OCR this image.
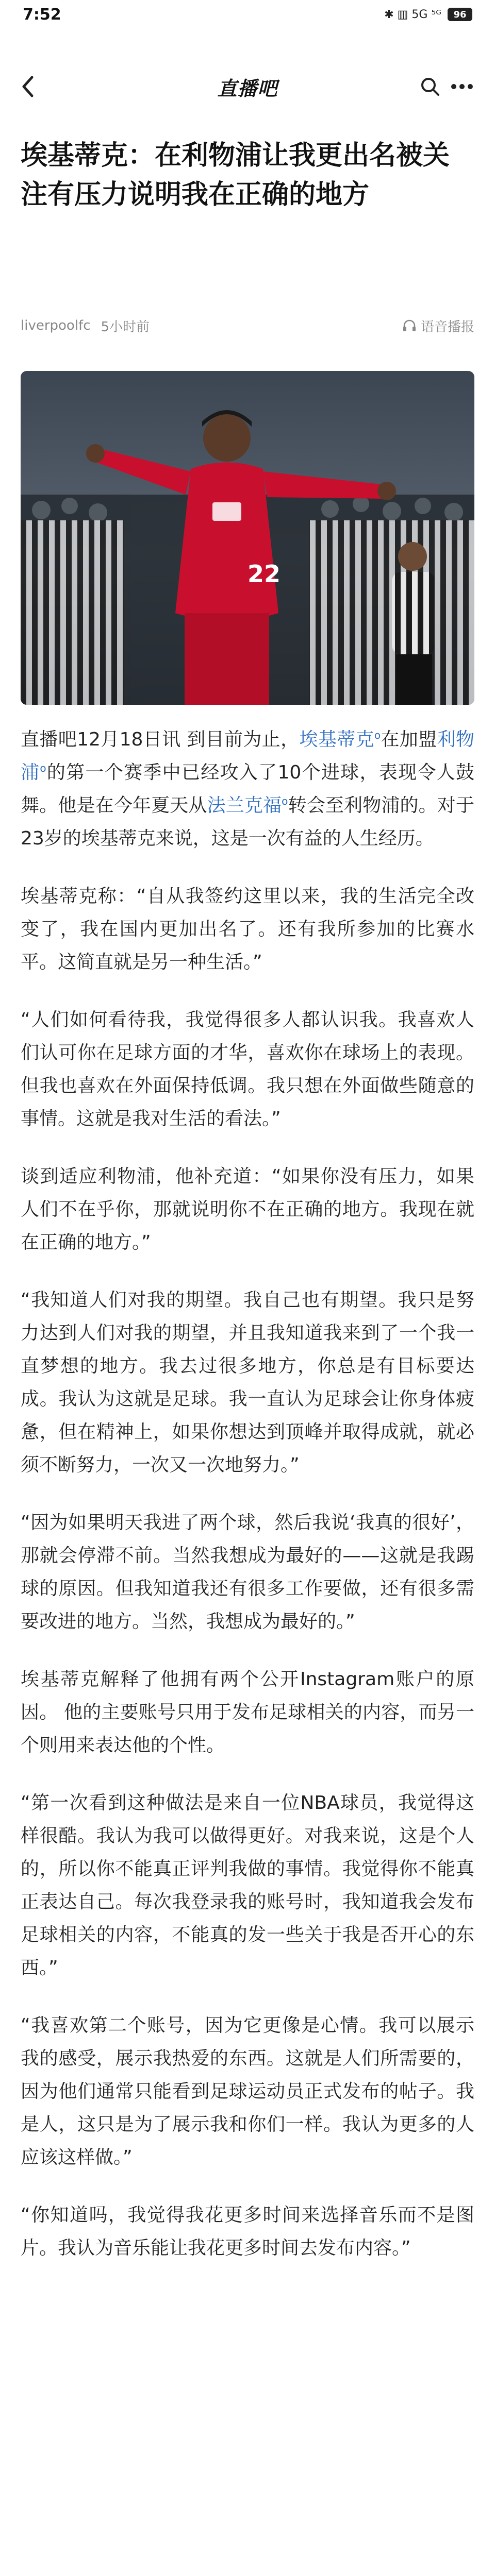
7:52	✱ ▥ 5G ⁵ᴳ	96
直播吧
埃基蒂克：在利物浦让我更出名被关注有压力说明我在正确的地方
liverpoolfc 5小时前	语音播报
22

直播吧12月18日讯 到目前为止，埃基蒂克$^o$在加盟利物浦$^o$的第一个赛季中已经攻入了10个进球，表现令人鼓舞。他是在今年夏天从法兰克福$^o$转会至利物浦的。对于23岁的埃基蒂克来说，这是一次有益的人生经历。

埃基蒂克称：“自从我签约这里以来，我的生活完全改变了，我在国内更加出名了。还有我所参加的比赛水平。这简直就是另一种生活。”

“人们如何看待我，我觉得很多人都认识我。我喜欢人们认可你在足球方面的才华，喜欢你在球场上的表现。但我也喜欢在外面保持低调。我只想在外面做些随意的事情。这就是我对生活的看法。”

谈到适应利物浦，他补充道：“如果你没有压力，如果人们不在乎你，那就说明你不在正确的地方。我现在就在正确的地方。”

“我知道人们对我的期望。我自己也有期望。我只是努力达到人们对我的期望，并且我知道我来到了一个我一直梦想的地方。我去过很多地方，你总是有目标要达成。我认为这就是足球。我一直认为足球会让你身体疲惫，但在精神上，如果你想达到顶峰并取得成就，就必须不断努力，一次又一次地努力。”

“因为如果明天我进了两个球，然后我说‘我真的很好’，那就会停滞不前。当然我想成为最好的——这就是我踢球的原因。但我知道我还有很多工作要做，还有很多需要改进的地方。当然，我想成为最好的。”

埃基蒂克解释了他拥有两个公开Instagram账户的原因。 他的主要账号只用于发布足球相关的内容，而另一个则用来表达他的个性。

“第一次看到这种做法是来自一位NBA球员，我觉得这样很酷。我认为我可以做得更好。对我来说，这是个人的，所以你不能真正评判我做的事情。我觉得你不能真正表达自己。每次我登录我的账号时，我知道我会发布足球相关的内容，不能真的发一些关于我是否开心的东西。”

“我喜欢第二个账号，因为它更像是心情。我可以展示我的感受，展示我热爱的东西。这就是人们所需要的，因为他们通常只能看到足球运动员正式发布的帖子。我是人，这只是为了展示我和你们一样。我认为更多的人应该这样做。”

“你知道吗，我觉得我花更多时间来选择音乐而不是图片。我认为音乐能让我花更多时间去发布内容。”
